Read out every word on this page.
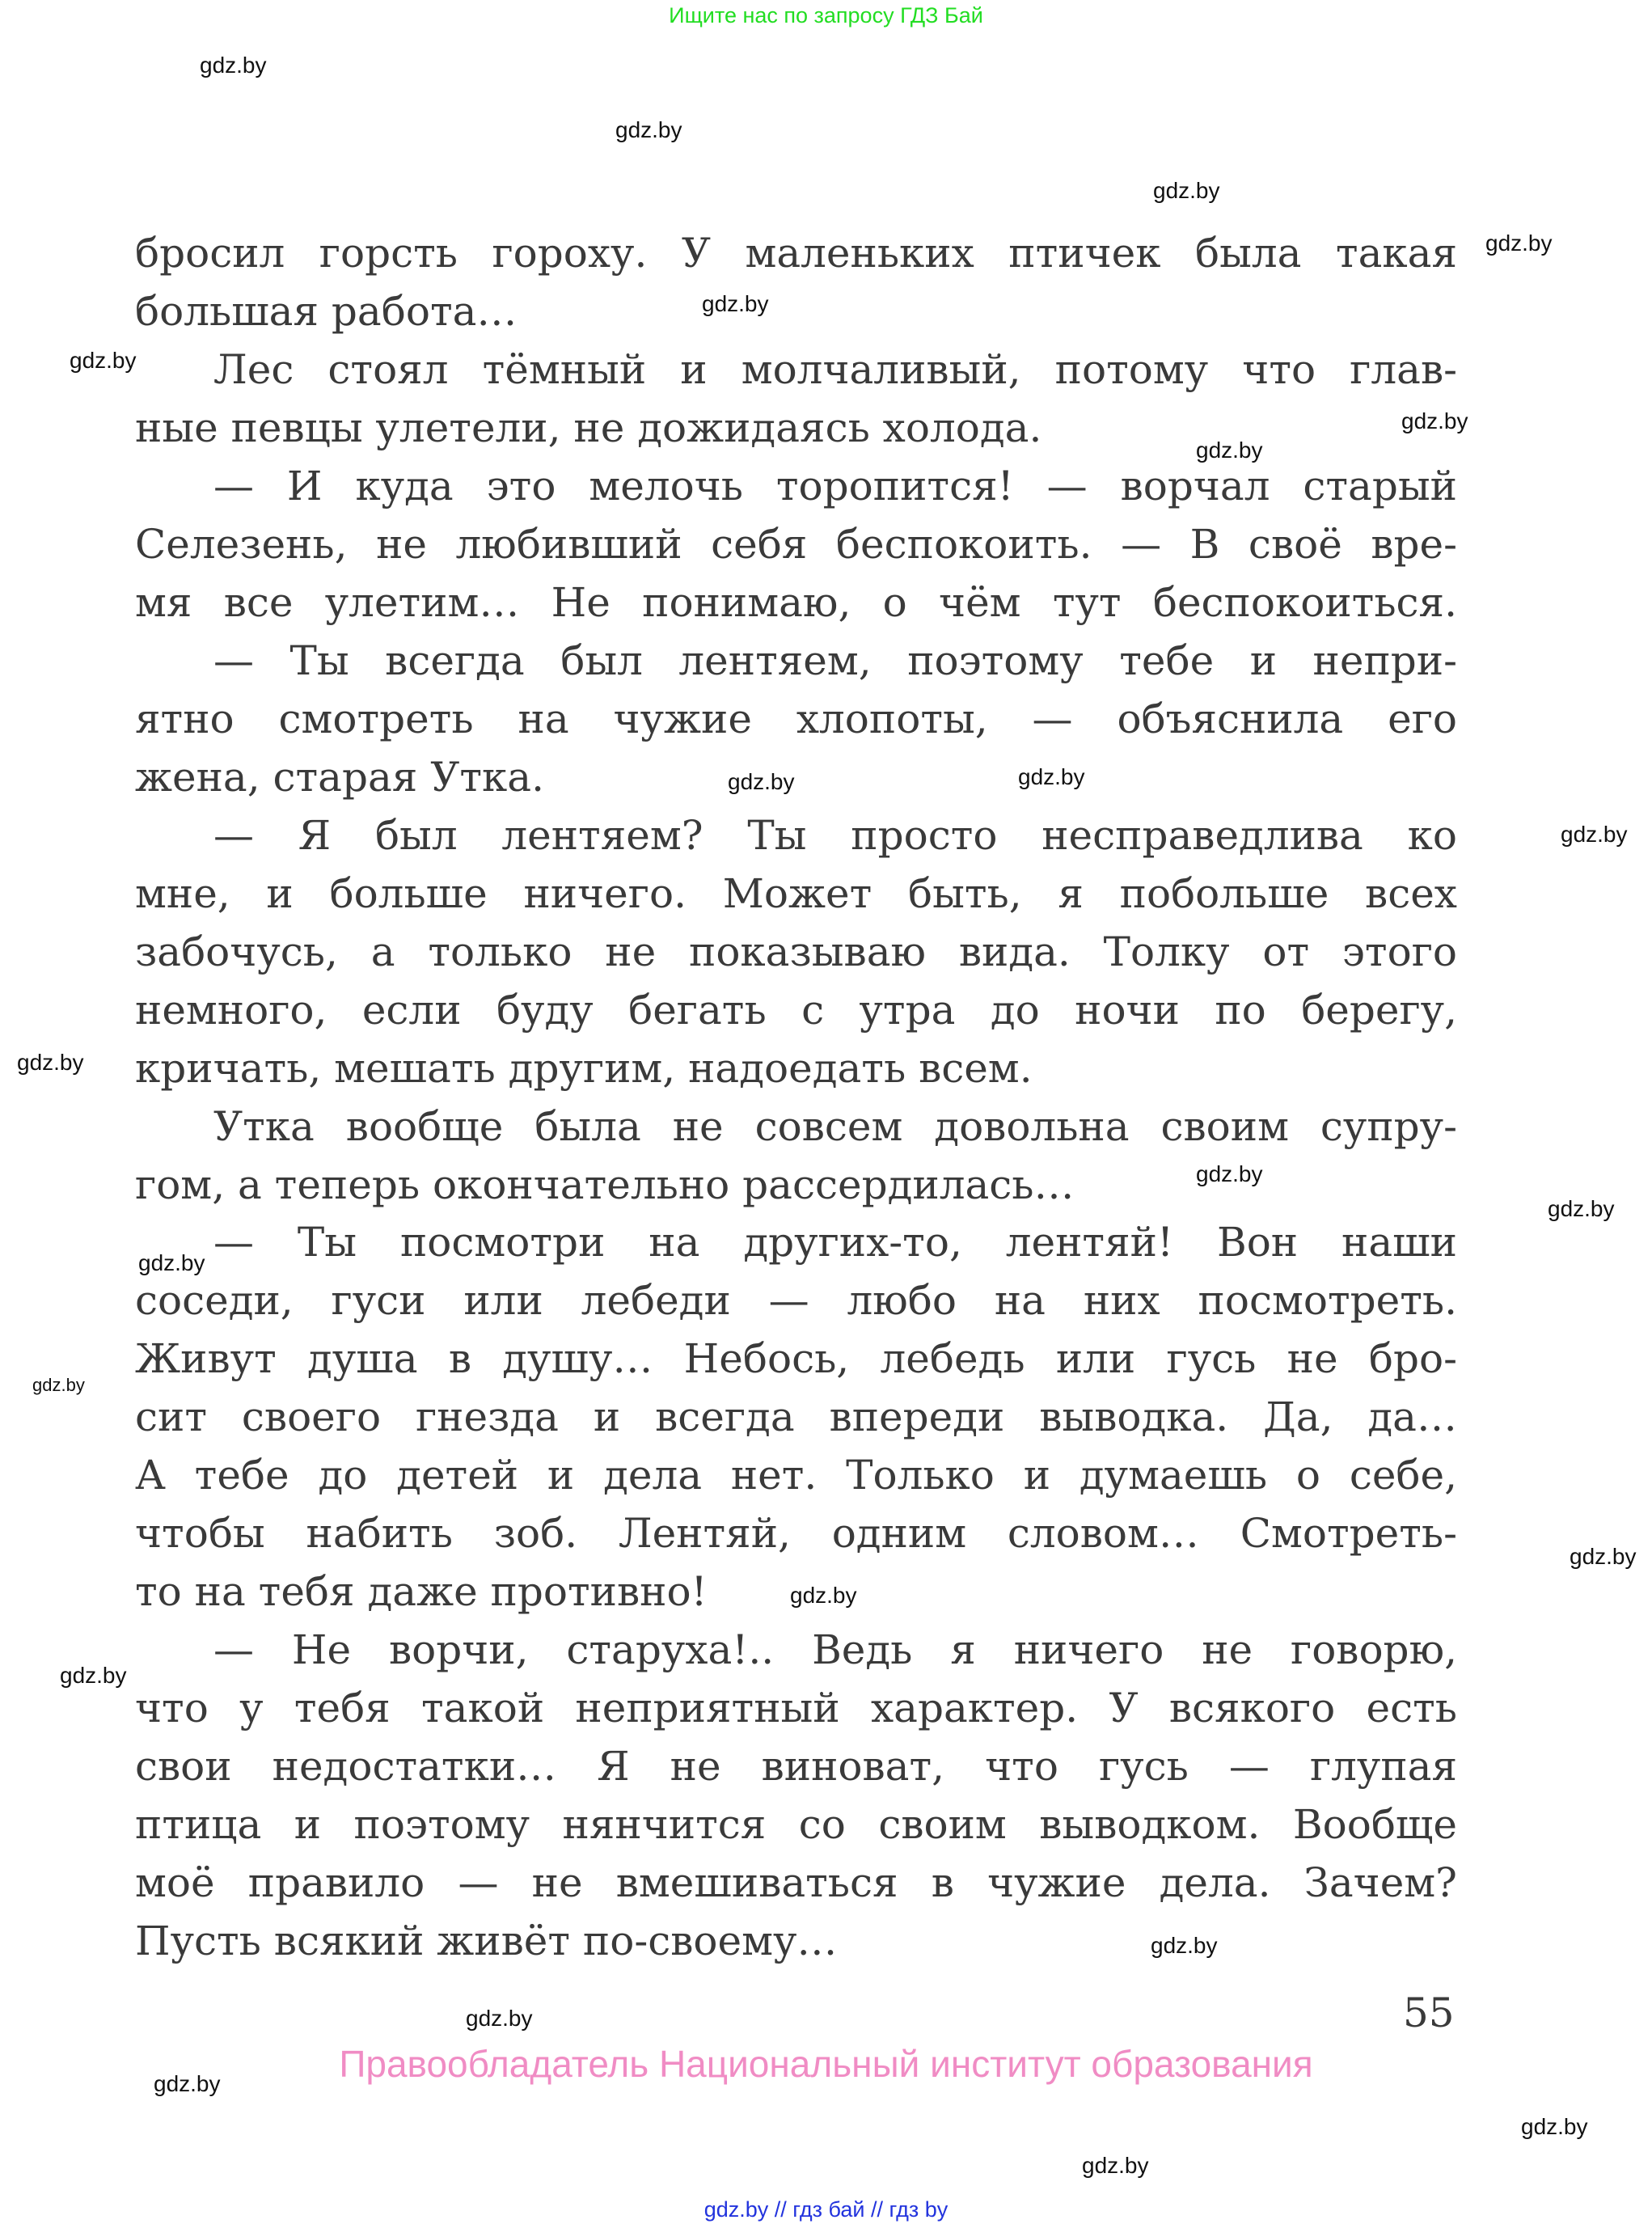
Ищите нас по запросу ГДЗ Бай
бросил горсть гороху. У маленьких птичек была такая
большая работа…
Лес стоял тёмный и молчаливый, потому что глав-
ные певцы улетели, не дожидаясь холода.
— И куда это мелочь торопится! — ворчал старый
Селезень, не любивший себя беспокоить. — В своё вре-
мя все улетим… Не понимаю, о чём тут беспокоиться.
— Ты всегда был лентяем, поэтому тебе и непри-
ятно смотреть на чужие хлопоты, — объяснила его
жена, старая Утка.
— Я был лентяем? Ты просто несправедлива ко
мне, и больше ничего. Может быть, я побольше всех
забочусь, а только не показываю вида. Толку от этого
немного, если буду бегать с утра до ночи по берегу,
кричать, мешать другим, надоедать всем.
Утка вообще была не совсем довольна своим супру-
гом, а теперь окончательно рассердилась…
— Ты посмотри на других-то, лентяй! Вон наши
соседи, гуси или лебеди — любо на них посмотреть.
Живут душа в душу… Небось, лебедь или гусь не бро-
сит своего гнезда и всегда впереди выводка. Да, да…
А тебе до детей и дела нет. Только и думаешь о себе,
чтобы набить зоб. Лентяй, одним словом… Смотреть-
то на тебя даже противно!
— Не ворчи, старуха!.. Ведь я ничего не говорю,
что у тебя такой неприятный характер. У всякого есть
свои недостатки… Я не виноват, что гусь — глупая
птица и поэтому нянчится со своим выводком. Вообще
моё правило — не вмешиваться в чужие дела. Зачем?
Пусть всякий живёт по-своему…
gdz.by
gdz.by
gdz.by
gdz.by
gdz.by
gdz.by
gdz.by
gdz.by
gdz.by
gdz.by
gdz.by
gdz.by
gdz.by
gdz.by
gdz.by
gdz.by
gdz.by
gdz.by
gdz.by
gdz.by
gdz.by
gdz.by
gdz.by
gdz.by
55
Правообладатель Национальный институт образования
gdz.by // гдз бай // гдз by
